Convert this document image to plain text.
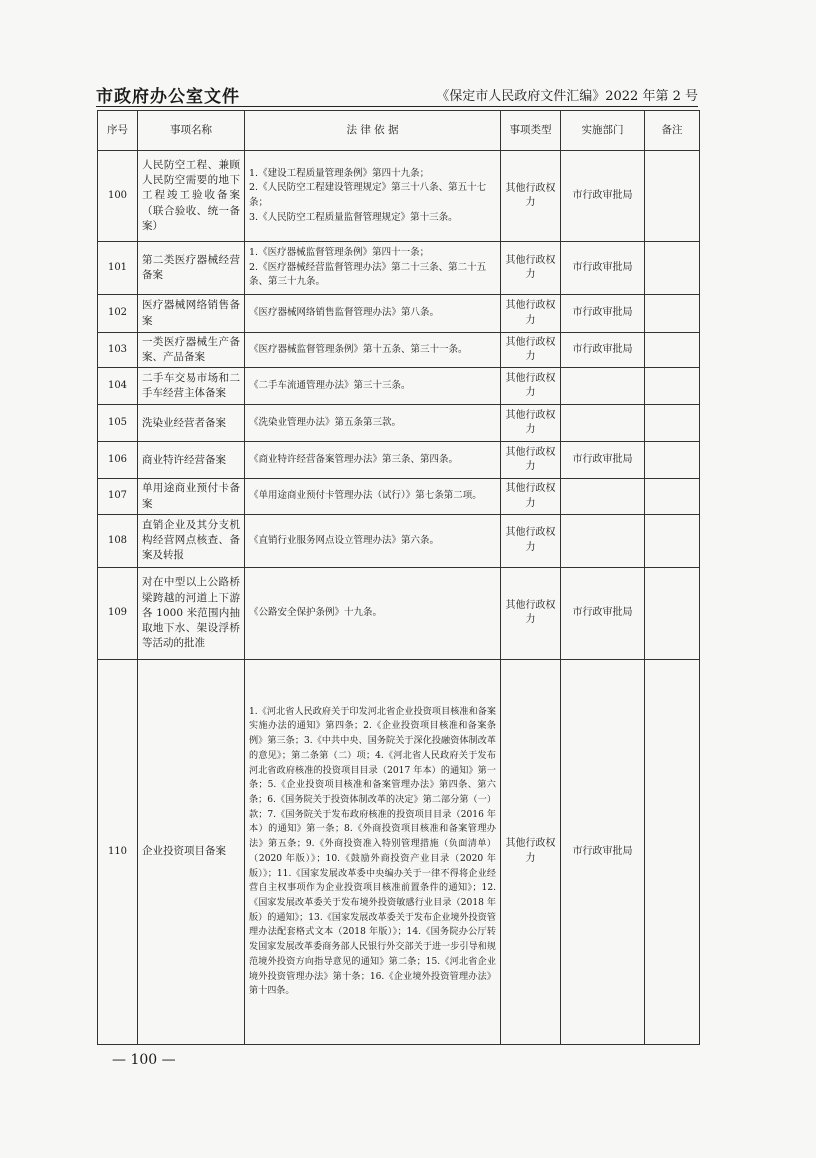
市政府办公室文件	《保定市人民政府文件汇编》2022 年第 2 号
序号	事项名称	法 律 依 据	事项类型	实施部门	备注
100	人民防空工程、兼顾人民防空需要的地下工程竣工验收备案（联合验收、统一备案）	1.《建设工程质量管理条例》第四十九条；
2.《人民防空工程建设管理规定》第三十八条、第五十七条；
3.《人民防空工程质量监督管理规定》第十三条。	其他行政权力	市行政审批局	
101	第二类医疗器械经营备案	1.《医疗器械监督管理条例》第四十一条；
2.《医疗器械经营监督管理办法》第二十三条、第二十五条、第三十九条。	其他行政权力	市行政审批局	
102	医疗器械网络销售备案	《医疗器械网络销售监督管理办法》第八条。	其他行政权力	市行政审批局	
103	一类医疗器械生产备案、产品备案	《医疗器械监督管理条例》第十五条、第三十一条。	其他行政权力	市行政审批局	
104	二手车交易市场和二手车经营主体备案	《二手车流通管理办法》第三十三条。	其他行政权力		
105	洗染业经营者备案	《洗染业管理办法》第五条第三款。	其他行政权力		
106	商业特许经营备案	《商业特许经营备案管理办法》第三条、第四条。	其他行政权力	市行政审批局	
107	单用途商业预付卡备案	《单用途商业预付卡管理办法（试行）》第七条第二项。	其他行政权力		
108	直销企业及其分支机构经营网点核查、备案及转报	《直销行业服务网点设立管理办法》第六条。	其他行政权力		
109	对在中型以上公路桥梁跨越的河道上下游各 1000 米范围内抽取地下水、架设浮桥等活动的批准	《公路安全保护条例》十九条。	其他行政权力	市行政审批局	
110	企业投资项目备案	1.《河北省人民政府关于印发河北省企业投资项目核准和备案实施办法的通知》第四条；2.《企业投资项目核准和备案条例》第三条；3.《中共中央、国务院关于深化投融资体制改革的意见》；第二条第（二）项；4.《河北省人民政府关于发布河北省政府核准的投资项目目录（2017 年本）的通知》第一条；5.《企业投资项目核准和备案管理办法》第四条、第六条；6.《国务院关于投资体制改革的决定》第二部分第（一）款；7.《国务院关于发布政府核准的投资项目目录（2016 年本）的通知》第一条；8.《外商投资项目核准和备案管理办法》第五条；9.《外商投资准入特别管理措施（负面清单）（2020 年版）》；10.《鼓励外商投资产业目录（2020 年版）》；11.《国家发展改革委中央编办关于一律不得将企业经营自主权事项作为企业投资项目核准前置条件的通知》；12.《国家发展改革委关于发布境外投资敏感行业目录（2018 年版）的通知》；13.《国家发展改革委关于发布企业境外投资管理办法配套格式文本（2018 年版）》；14.《国务院办公厅转发国家发展改革委商务部人民银行外交部关于进一步引导和规范境外投资方向指导意见的通知》第二条；15.《河北省企业境外投资管理办法》第十条；16.《企业境外投资管理办法》第十四条。	其他行政权力	市行政审批局	
— 100 —
